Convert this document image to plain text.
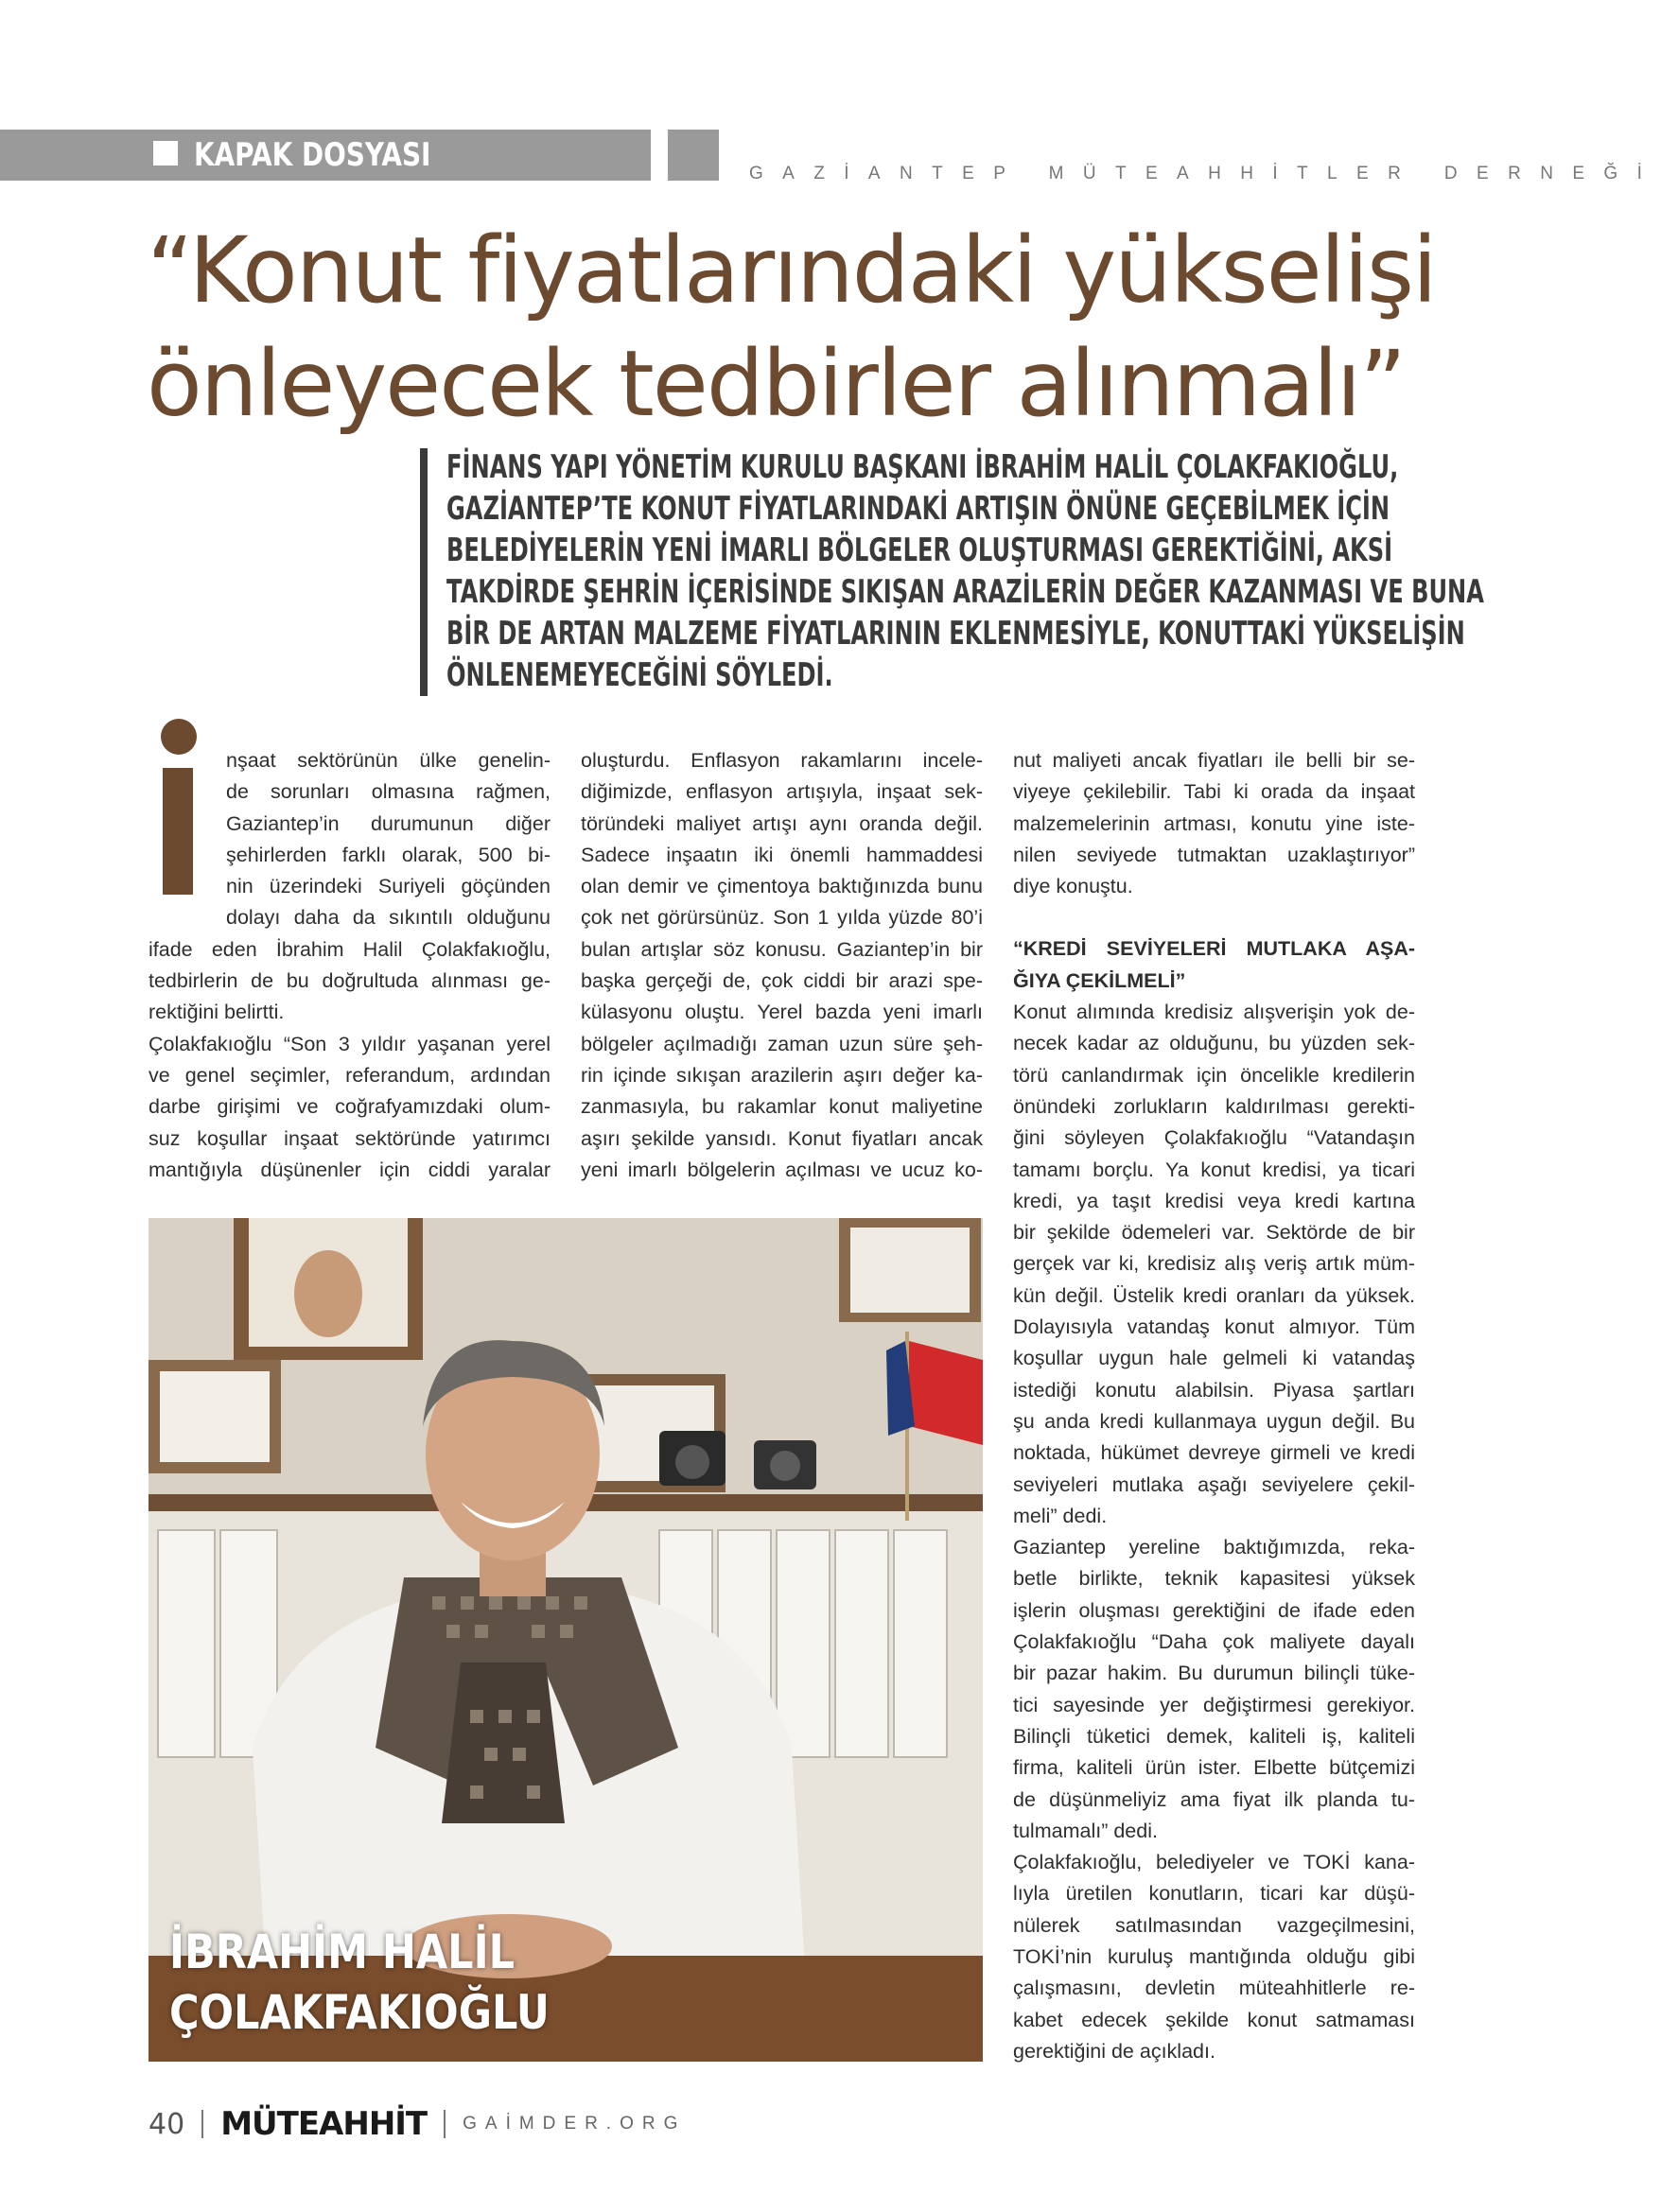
KAPAK DOSYASI	GAZİANTEP MÜTEAHHİTLER DERNEĞİ
“Konut fiyatlarındaki yükselişi
önleyecek tedbirler alınmalı”
FİNANS YAPI YÖNETİM KURULU BAŞKANI İBRAHİM HALİL ÇOLAKFAKIOĞLU,
GAZİANTEP’TE KONUT FİYATLARINDAKİ ARTIŞIN ÖNÜNE GEÇEBİLMEK İÇİN
BELEDİYELERİN YENİ İMARLI BÖLGELER OLUŞTURMASI GEREKTİĞİNİ, AKSİ
TAKDİRDE ŞEHRİN İÇERİSİNDE SIKIŞAN ARAZİLERİN DEĞER KAZANMASI VE BUNA
BİR DE ARTAN MALZEME FİYATLARININ EKLENMESİYLE, KONUTTAKİ YÜKSELİŞİN
ÖNLENEMEYECEĞİNİ SÖYLEDİ.
nşaat sektörünün ülke genelin-
de sorunları olmasına rağmen,
Gaziantep’in durumunun diğer
şehirlerden farklı olarak, 500 bi-
nin üzerindeki Suriyeli göçünden
dolayı daha da sıkıntılı olduğunu
ifade eden İbrahim Halil Çolakfakıoğlu,
tedbirlerin de bu doğrultuda alınması ge-
rektiğini belirtti.
Çolakfakıoğlu “Son 3 yıldır yaşanan yerel
ve genel seçimler, referandum, ardından
darbe girişimi ve coğrafyamızdaki olum-
suz koşullar inşaat sektöründe yatırımcı
mantığıyla düşünenler için ciddi yaralar
oluşturdu. Enflasyon rakamlarını incele-
diğimizde, enflasyon artışıyla, inşaat sek-
töründeki maliyet artışı aynı oranda değil.
Sadece inşaatın iki önemli hammaddesi
olan demir ve çimentoya baktığınızda bunu
çok net görürsünüz. Son 1 yılda yüzde 80’i
bulan artışlar söz konusu. Gaziantep’in bir
başka gerçeği de, çok ciddi bir arazi spe-
külasyonu oluştu. Yerel bazda yeni imarlı
bölgeler açılmadığı zaman uzun süre şeh-
rin içinde sıkışan arazilerin aşırı değer ka-
zanmasıyla, bu rakamlar konut maliyetine
aşırı şekilde yansıdı. Konut fiyatları ancak
yeni imarlı bölgelerin açılması ve ucuz ko-
nut maliyeti ancak fiyatları ile belli bir se-
viyeye çekilebilir. Tabi ki orada da inşaat
malzemelerinin artması, konutu yine iste-
nilen seviyede tutmaktan uzaklaştırıyor”
diye konuştu.
“KREDİ SEVİYELERİ MUTLAKA AŞA-
ĞIYA ÇEKİLMELİ”
Konut alımında kredisiz alışverişin yok de-
necek kadar az olduğunu, bu yüzden sek-
törü canlandırmak için öncelikle kredilerin
önündeki zorlukların kaldırılması gerekti-
ğini söyleyen Çolakfakıoğlu “Vatandaşın
tamamı borçlu. Ya konut kredisi, ya ticari
kredi, ya taşıt kredisi veya kredi kartına
bir şekilde ödemeleri var. Sektörde de bir
gerçek var ki, kredisiz alış veriş artık müm-
kün değil. Üstelik kredi oranları da yüksek.
Dolayısıyla vatandaş konut almıyor. Tüm
koşullar uygun hale gelmeli ki vatandaş
istediği konutu alabilsin. Piyasa şartları
şu anda kredi kullanmaya uygun değil. Bu
noktada, hükümet devreye girmeli ve kredi
seviyeleri mutlaka aşağı seviyelere çekil-
meli” dedi.
Gaziantep yereline baktığımızda, reka-
betle birlikte, teknik kapasitesi yüksek
işlerin oluşması gerektiğini de ifade eden
Çolakfakıoğlu “Daha çok maliyete dayalı
bir pazar hakim. Bu durumun bilinçli tüke-
tici sayesinde yer değiştirmesi gerekiyor.
Bilinçli tüketici demek, kaliteli iş, kaliteli
firma, kaliteli ürün ister. Elbette bütçemizi
de düşünmeliyiz ama fiyat ilk planda tu-
tulmamalı” dedi.
Çolakfakıoğlu, belediyeler ve TOKİ kana-
lıyla üretilen konutların, ticari kar düşü-
nülerek satılmasından vazgeçilmesini,
TOKİ’nin kuruluş mantığında olduğu gibi
çalışmasını, devletin müteahhitlerle re-
kabet edecek şekilde konut satmaması
gerektiğini de açıkladı.
İBRAHİM HALİL
ÇOLAKFAKIOĞLU
40 MÜTEAHHİT GAİMDER.ORG
